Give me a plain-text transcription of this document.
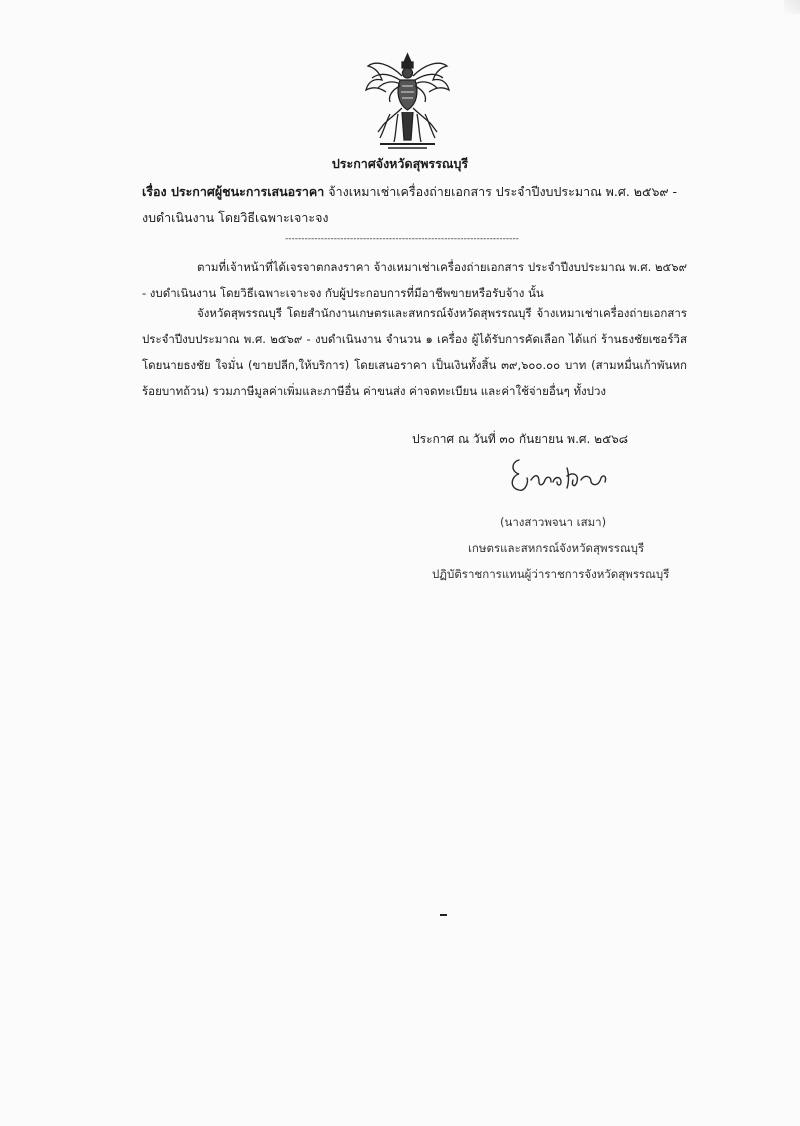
ประกาศจังหวัดสุพรรณบุรี
เรื่อง ประกาศผู้ชนะการเสนอราคา จ้างเหมาเช่าเครื่องถ่ายเอกสาร ประจำปีงบประมาณ พ.ศ. ๒๕๖๙ - งบดำเนินงาน โดยวิธีเฉพาะเจาะจง
------------------------------------------------------------------------
ตามที่เจ้าหน้าที่ได้เจรจาตกลงราคา จ้างเหมาเช่าเครื่องถ่ายเอกสาร ประจำปีงบประมาณ พ.ศ. ๒๕๖๙ - งบดำเนินงาน โดยวิธีเฉพาะเจาะจง กับผู้ประกอบการที่มีอาชีพขายหรือรับจ้าง นั้น
จังหวัดสุพรรณบุรี โดยสำนักงานเกษตรและสหกรณ์จังหวัดสุพรรณบุรี จ้างเหมาเช่าเครื่องถ่ายเอกสาร ประจำปีงบประมาณ พ.ศ. ๒๕๖๙ - งบดำเนินงาน จำนวน ๑ เครื่อง ผู้ได้รับการคัดเลือก ได้แก่ ร้านธงชัยเซอร์วิส โดยนายธงชัย ใจมั่น (ขายปลีก,ให้บริการ) โดยเสนอราคา เป็นเงินทั้งสิ้น ๓๙,๖๐๐.๐๐ บาท (สามหมื่นเก้าพันหกร้อยบาทถ้วน) รวมภาษีมูลค่าเพิ่มและภาษีอื่น ค่าขนส่ง ค่าจดทะเบียน และค่าใช้จ่ายอื่นๆ ทั้งปวง
ประกาศ ณ วันที่ ๓๐ กันยายน พ.ศ. ๒๕๖๘
(นางสาวพจนา เสมา)
เกษตรและสหกรณ์จังหวัดสุพรรณบุรี
ปฏิบัติราชการแทนผู้ว่าราชการจังหวัดสุพรรณบุรี
